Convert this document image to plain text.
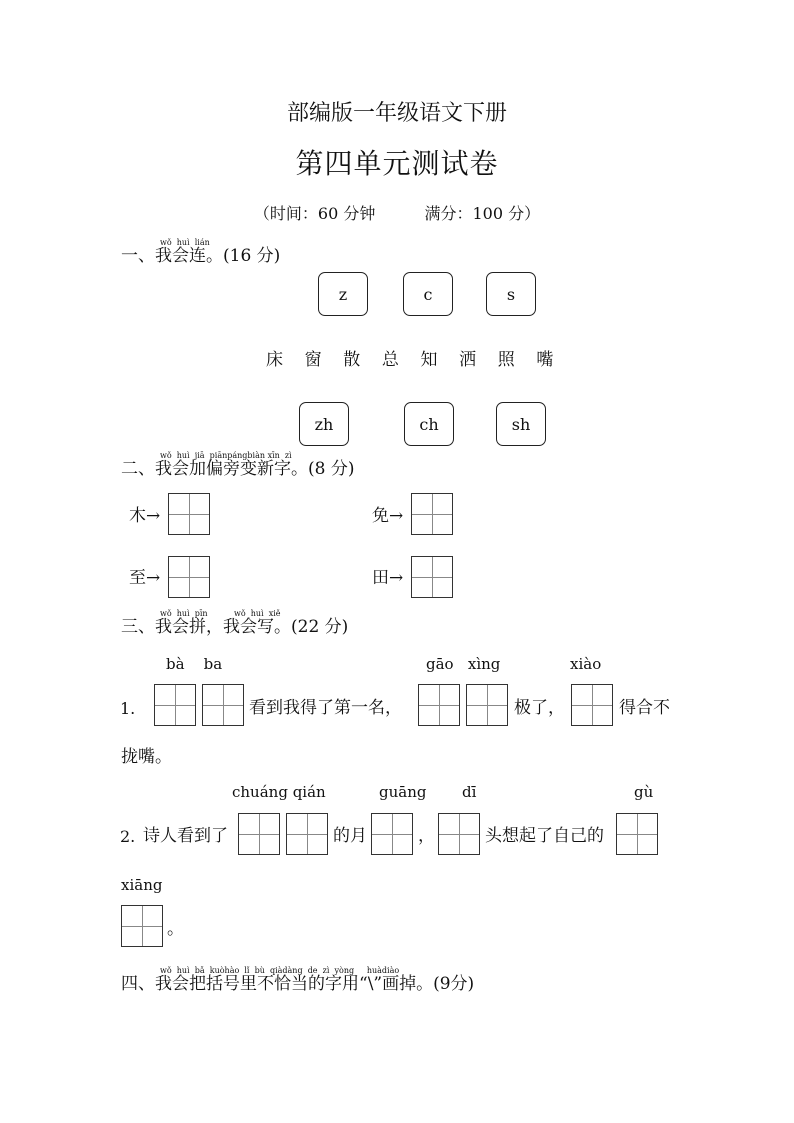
部编版一年级语文下册
第四单元测试卷
（时间：60 分钟	满分：100 分）
wǒ huì lián
一、我会连。(16 分)
z	c	s
床 窗 散 总 知 洒 照 嘴
zh	ch	sh
wǒ huì jiā piānpángbiàn xīn zì
二、我会加偏旁变新字。(8 分)
木→	免→
至→	田→
wǒ huì pīn	wǒ huì xiě
三、我会拼，我会写。(22 分)
bà    ba	gāo   xìng	xiào
1.	看到我得了第一名，	极了，	得合不
拢嘴。
chuáng qián	guāng dī	gù
2. 诗人看到了	的月	，	头想起了自己的
xiāng
。
wǒ huì bǎ kuòhào lǐ bù qiàdàng de zì yòng huàdiào
四、我会把括号里不恰当的字用“\”画掉。(9分)
